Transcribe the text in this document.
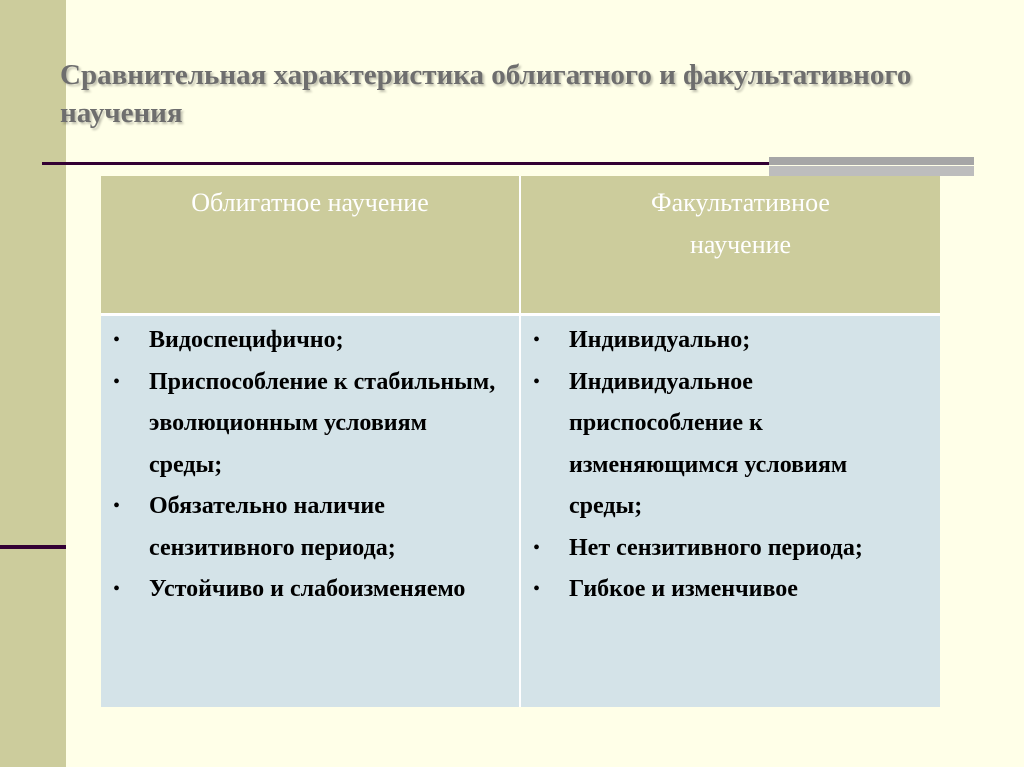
Сравнительная характеристика облигатного и факультативного научения
Облигатное научение	Факультативное научение
• Видоспецифично;
• Приспособление к стабильным, эволюционным условиям среды;
• Обязательно наличие сензитивного периода;
• Устойчиво и слабоизменяемо
• Индивидуально;
• Индивидуальное приспособление к изменяющимся условиям среды;
• Нет сензитивного периода;
• Гибкое и изменчивое
